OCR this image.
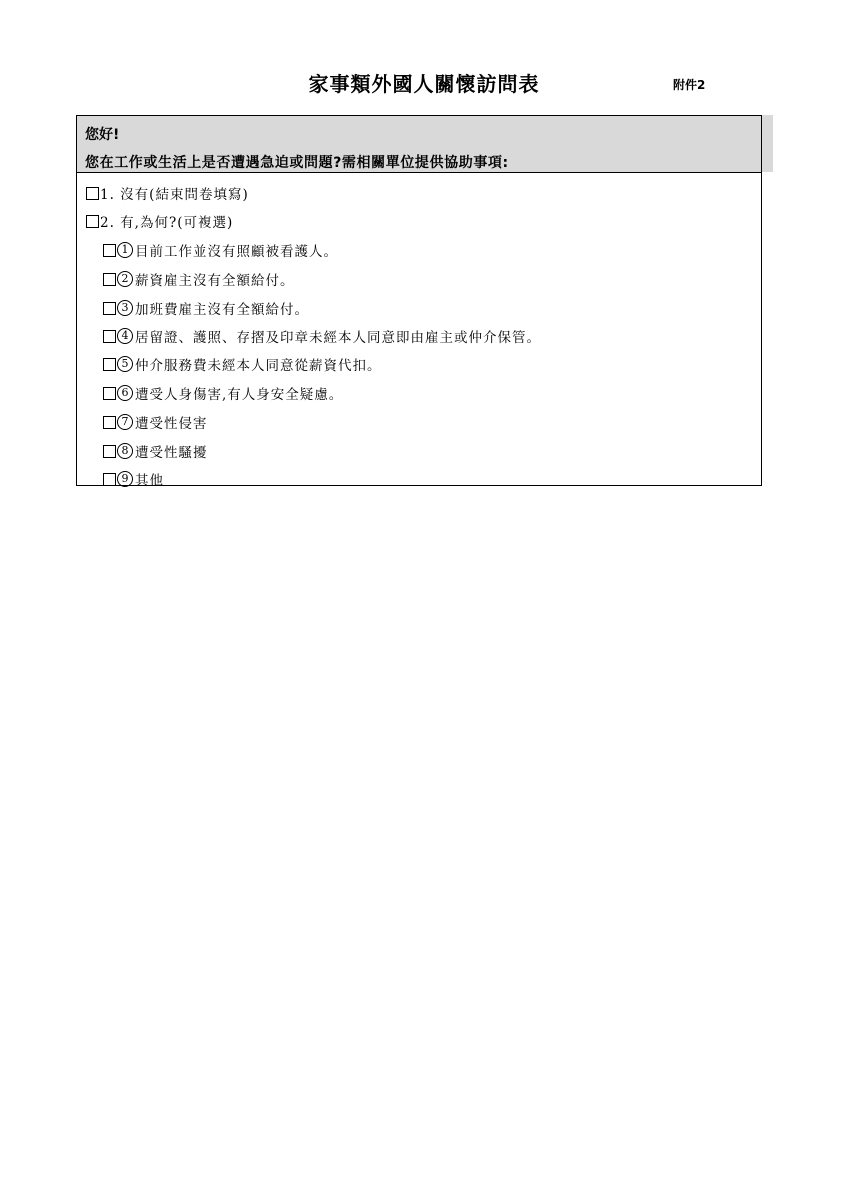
家事類外國人關懷訪問表	附件2
您好!
您在工作或生活上是否遭遇急迫或問題?需相關單位提供協助事項:
1. 沒有(結束問卷填寫)
2. 有,為何?(可複選)
1 目前工作並沒有照顧被看護人。
2 薪資雇主沒有全額給付。
3 加班費雇主沒有全額給付。
4 居留證、護照、存摺及印章未經本人同意即由雇主或仲介保管。
5 仲介服務費未經本人同意從薪資代扣。
6 遭受人身傷害,有人身安全疑慮。
7 遭受性侵害
8 遭受性騷擾
9 其他
